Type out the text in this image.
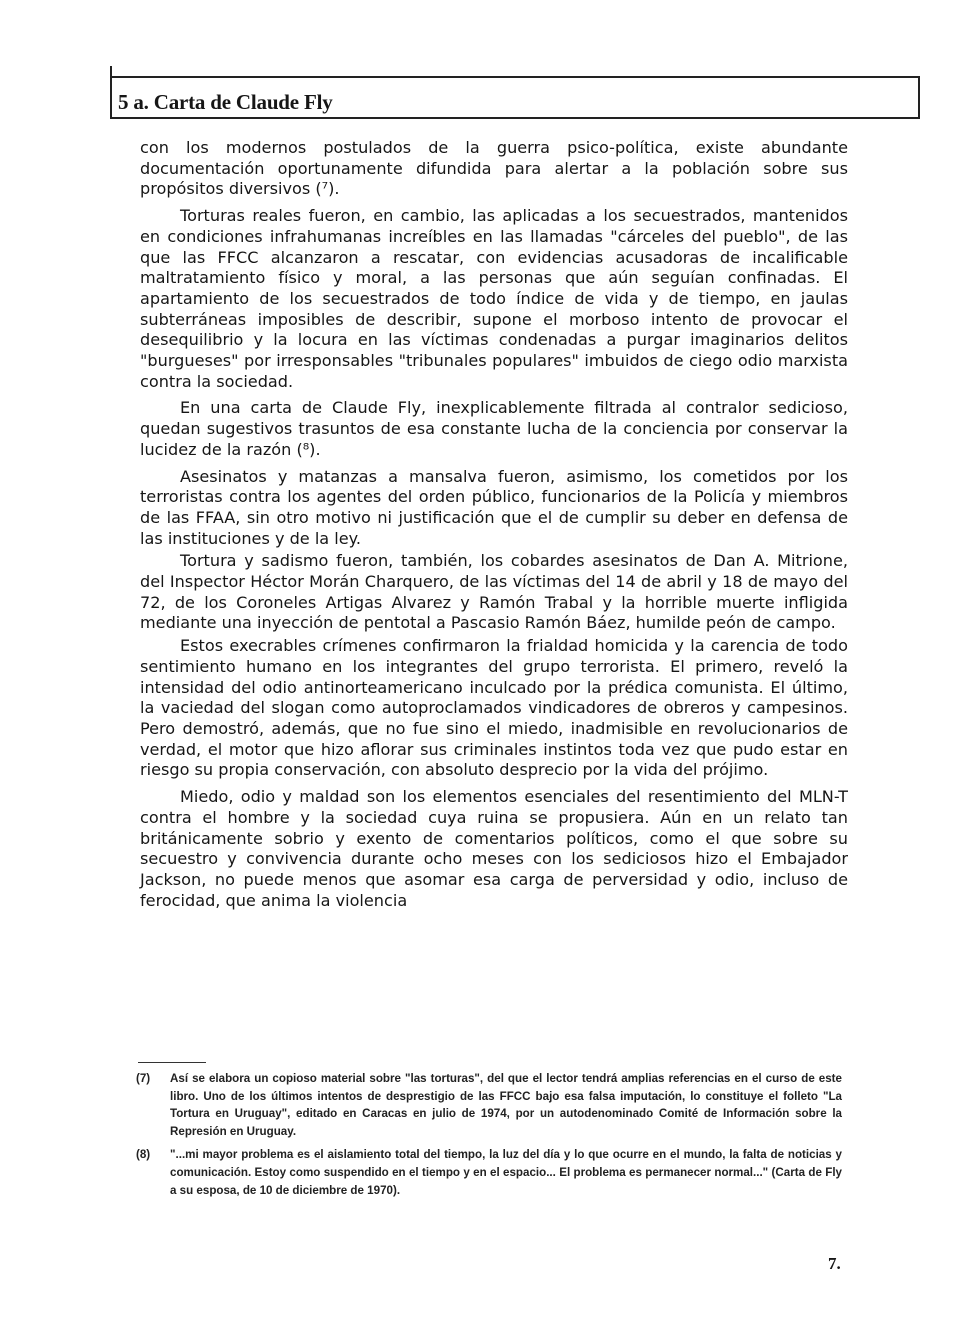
5 a. Carta de Claude Fly

con los modernos postulados de la guerra psico-política, existe abundante documentación oportunamente difundida para alertar a la población sobre sus propósitos diversivos (⁷).

Torturas reales fueron, en cambio, las aplicadas a los secuestrados, mantenidos en condiciones infrahumanas increíbles en las llamadas "cárceles del pueblo", de las que las FFCC alcanzaron a rescatar, con evidencias acusadoras de incalificable maltratamiento físico y moral, a las personas que aún seguían confinadas. El apartamiento de los secuestrados de todo índice de vida y de tiempo, en jaulas subterráneas imposibles de describir, supone el morboso intento de provocar el desequilibrio y la locura en las víctimas condenadas a purgar imaginarios delitos "burgueses" por irresponsables "tribunales populares" imbuidos de ciego odio marxista contra la sociedad.

En una carta de Claude Fly, inexplicablemente filtrada al contralor sedicioso, quedan sugestivos trasuntos de esa constante lucha de la conciencia por conservar la lucidez de la razón (⁸).

Asesinatos y matanzas a mansalva fueron, asimismo, los cometidos por los terroristas contra los agentes del orden público, funcionarios de la Policía y miembros de las FFAA, sin otro motivo ni justificación que el de cumplir su deber en defensa de las instituciones y de la ley.

Tortura y sadismo fueron, también, los cobardes asesinatos de Dan A. Mitrione, del Inspector Héctor Morán Charquero, de las víctimas del 14 de abril y 18 de mayo del 72, de los Coroneles Artigas Alvarez y Ramón Trabal y la horrible muerte infligida mediante una inyección de pentotal a Pascasio Ramón Báez, humilde peón de campo.

Estos execrables crímenes confirmaron la frialdad homicida y la carencia de todo sentimiento humano en los integrantes del grupo terrorista. El primero, reveló la intensidad del odio antinorteamericano inculcado por la prédica comunista. El último, la vaciedad del slogan como autoproclamados vindicadores de obreros y campesinos. Pero demostró, además, que no fue sino el miedo, inadmisible en revolucionarios de verdad, el motor que hizo aflorar sus criminales instintos toda vez que pudo estar en riesgo su propia conservación, con absoluto desprecio por la vida del prójimo.

Miedo, odio y maldad son los elementos esenciales del resentimiento del MLN-T contra el hombre y la sociedad cuya ruina se propusiera. Aún en un relato tan británicamente sobrio y exento de comentarios políticos, como el que sobre su secuestro y convivencia durante ocho meses con los sediciosos hizo el Embajador Jackson, no puede menos que asomar esa carga de perversidad y odio, incluso de ferocidad, que anima la violencia

(7)	Así se elabora un copioso material sobre "las torturas", del que el lector tendrá amplias referencias en el curso de este libro. Uno de los últimos intentos de desprestigio de las FFCC bajo esa falsa imputación, lo constituye el folleto "La Tortura en Uruguay", editado en Caracas en julio de 1974, por un autodenominado Comité de Información sobre la Represión en Uruguay.
(8)	"...mi mayor problema es el aislamiento total del tiempo, la luz del día y lo que ocurre en el mundo, la falta de noticias y comunicación. Estoy como suspendido en el tiempo y en el espacio... El problema es permanecer normal..." (Carta de Fly a su esposa, de 10 de diciembre de 1970).
7.
